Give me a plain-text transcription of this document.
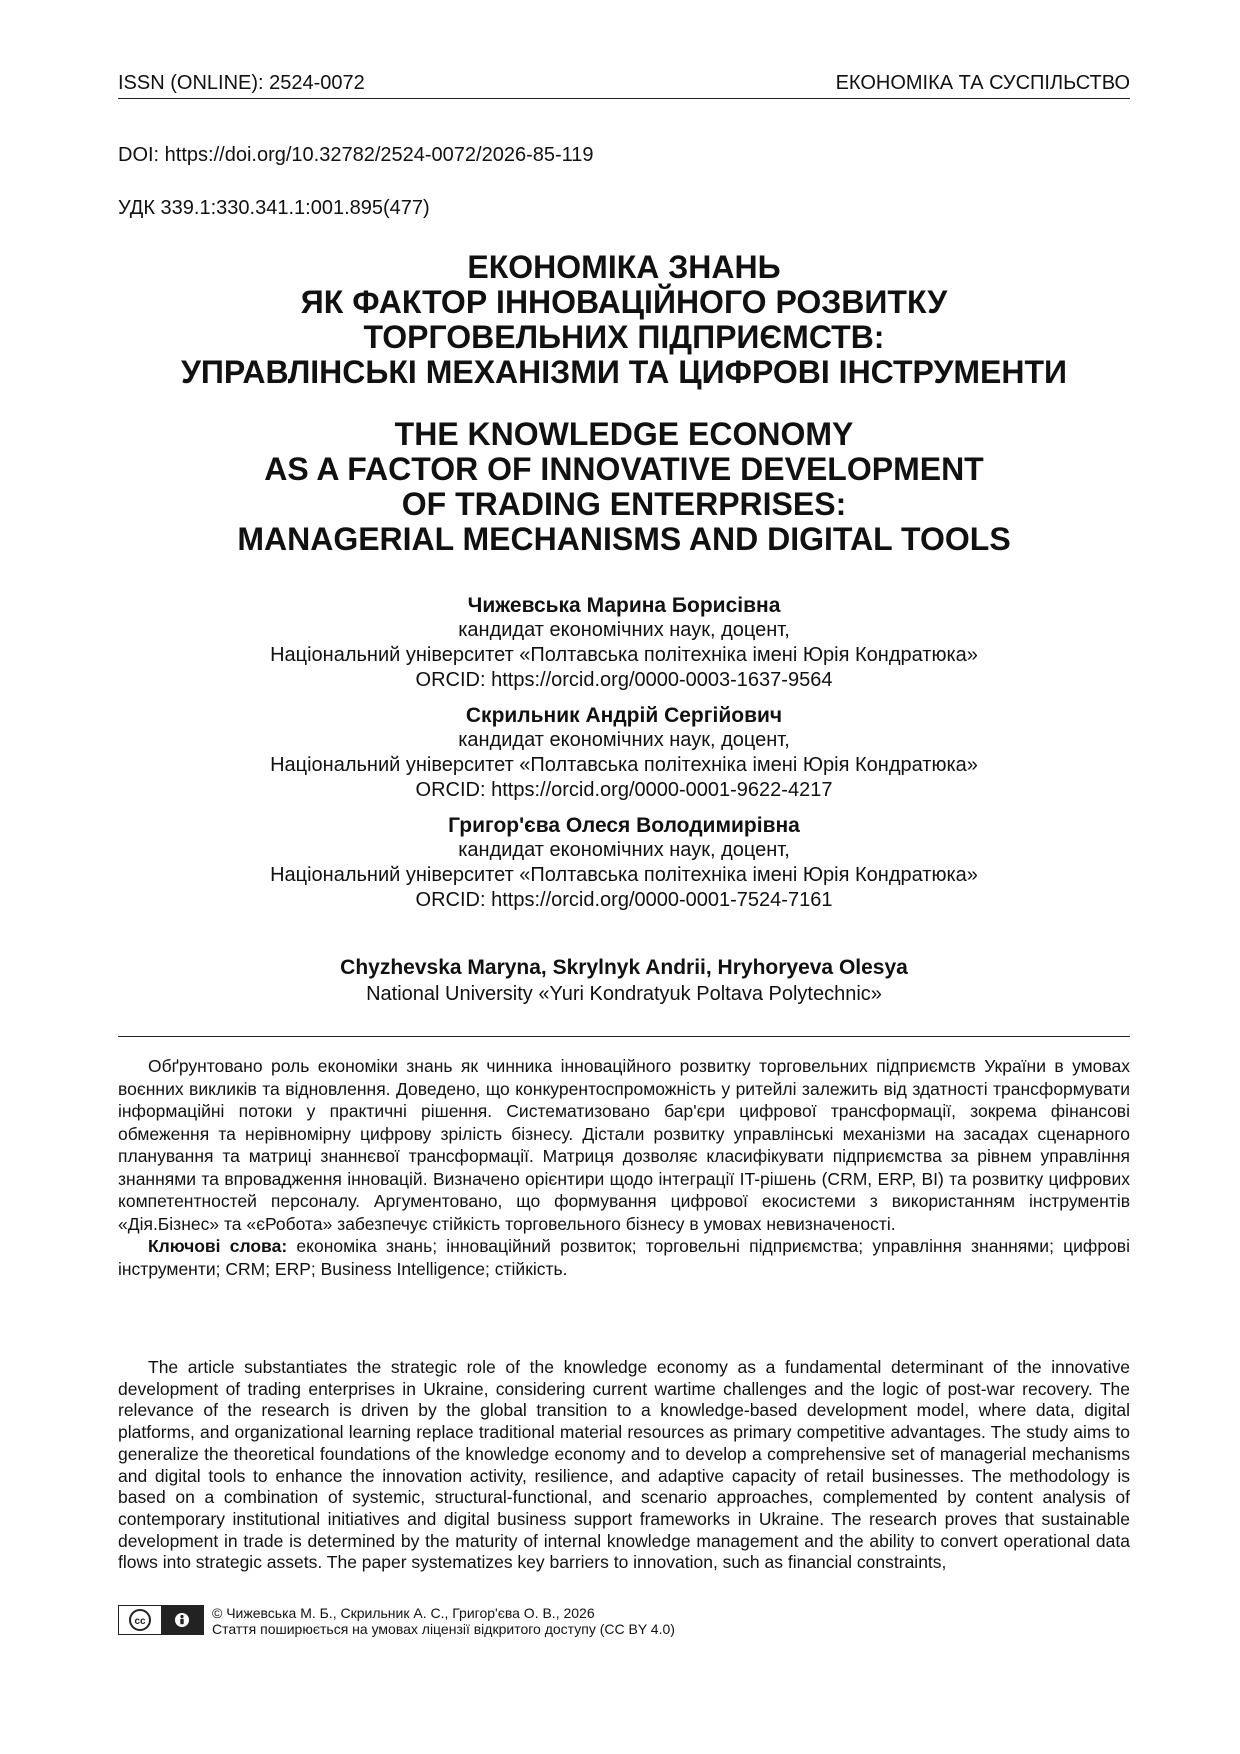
ISSN (ONLINE): 2524-0072	ЕКОНОМІКА ТА СУСПІЛЬСТВО
DOI: https://doi.org/10.32782/2524-0072/2026-85-119
УДК 339.1:330.341.1:001.895(477)
ЕКОНОМІКА ЗНАНЬ
ЯК ФАКТОР ІННОВАЦІЙНОГО РОЗВИТКУ
ТОРГОВЕЛЬНИХ ПІДПРИЄМСТВ:
УПРАВЛІНСЬКІ МЕХАНІЗМИ ТА ЦИФРОВІ ІНСТРУМЕНТИ
THE KNOWLEDGE ECONOMY
AS A FACTOR OF INNOVATIVE DEVELOPMENT
OF TRADING ENTERPRISES:
MANAGERIAL MECHANISMS AND DIGITAL TOOLS
Чижевська Марина Борисівна
кандидат економічних наук, доцент,
Національний університет «Полтавська політехніка імені Юрія Кондратюка»
ORCID: https://orcid.org/0000-0003-1637-9564
Скрильник Андрій Сергійович
кандидат економічних наук, доцент,
Національний університет «Полтавська політехніка імені Юрія Кондратюка»
ORCID: https://orcid.org/0000-0001-9622-4217
Григор'єва Олеся Володимирівна
кандидат економічних наук, доцент,
Національний університет «Полтавська політехніка імені Юрія Кондратюка»
ORCID: https://orcid.org/0000-0001-7524-7161
Chyzhevska Maryna, Skrylnyk Andrii, Hryhoryeva Olesya
National University «Yuri Kondratyuk Poltava Polytechnic»

Обґрунтовано роль економіки знань як чинника інноваційного розвитку торговельних підприємств України в умовах воєнних викликів та відновлення. Доведено, що конкурентоспроможність у ритейлі залежить від здатності трансформувати інформаційні потоки у практичні рішення. Систематизовано бар'єри цифрової трансформації, зокрема фінансові обмеження та нерівномірну цифрову зрілість бізнесу. Дістали розвитку управлінські механізми на засадах сценарного планування та матриці знаннєвої трансформації. Матриця дозволяє класифікувати підприємства за рівнем управління знаннями та впровадження інновацій. Визначено орієнтири щодо інтеграції IT-рішень (CRM, ERP, BI) та розвитку цифрових компетентностей персоналу. Аргументовано, що формування цифрової екосистеми з використанням інструментів «Дія.Бізнес» та «єРобота» забезпечує стійкість торговельного бізнесу в умовах невизначеності.

Ключові слова: економіка знань; інноваційний розвиток; торговельні підприємства; управління знаннями; цифрові інструменти; CRM; ERP; Business Intelligence; стійкість.

The article substantiates the strategic role of the knowledge economy as a fundamental determinant of the innovative development of trading enterprises in Ukraine, considering current wartime challenges and the logic of post-war recovery. The relevance of the research is driven by the global transition to a knowledge-based development model, where data, digital platforms, and organizational learning replace traditional material resources as primary competitive advantages. The study aims to generalize the theoretical foundations of the knowledge economy and to develop a comprehensive set of managerial mechanisms and digital tools to enhance the innovation activity, resilience, and adaptive capacity of retail businesses. The methodology is based on a combination of systemic, structural-functional, and scenario approaches, complemented by content analysis of contemporary institutional initiatives and digital business support frameworks in Ukraine. The research proves that sustainable development in trade is determined by the maturity of internal knowledge management and the ability to convert operational data flows into strategic assets. The paper systematizes key barriers to innovation, such as financial constraints,

cc
© Чижевська М. Б., Скрильник А. С., Григор'єва О. В., 2026
Стаття поширюється на умовах ліцензії відкритого доступу (CC BY 4.0)
